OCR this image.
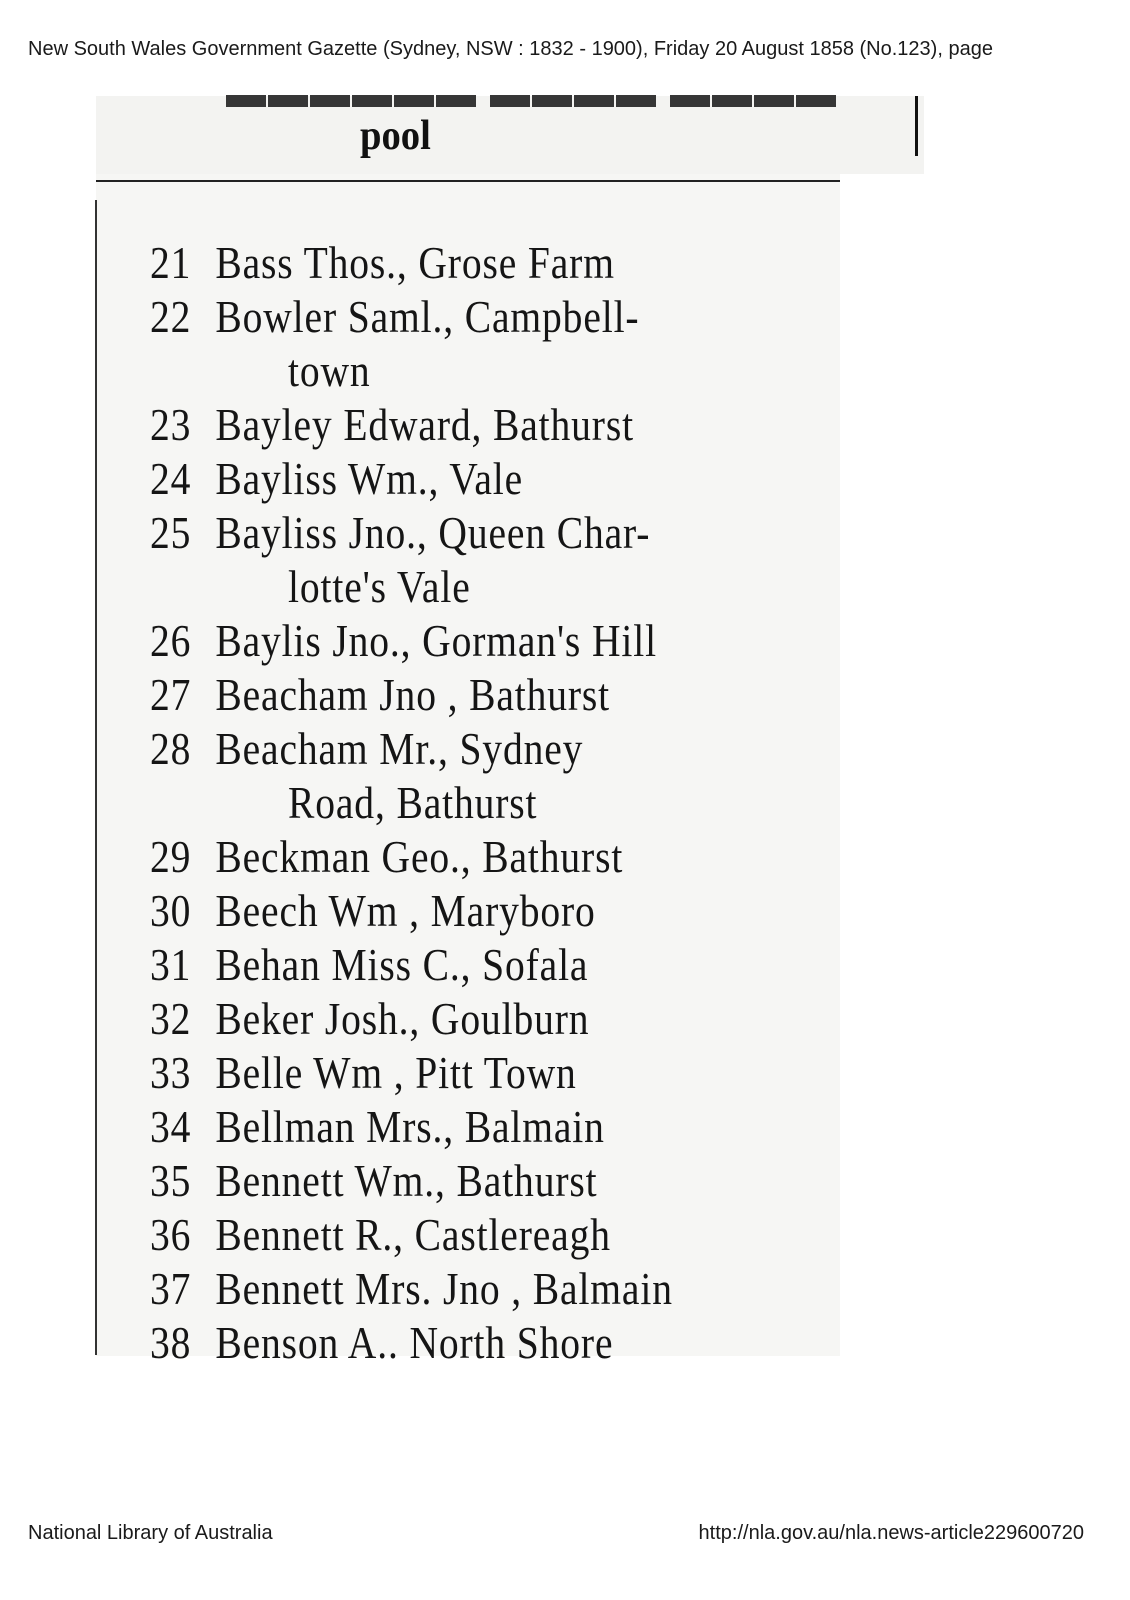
New South Wales Government Gazette (Sydney, NSW : 1832 - 1900), Friday 20 August 1858 (No.123), page
▬▬▬▬▬▬ ▬▬▬▬ ▬▬▬▬
pool
21 Bass Thos., Grose Farm
22 Bowler Saml., Campbell-
town
23 Bayley Edward, Bathurst
24 Bayliss Wm., Vale
25 Bayliss Jno., Queen Char-
lotte's Vale
26 Baylis Jno., Gorman's Hill
27 Beacham Jno , Bathurst
28 Beacham Mr., Sydney
Road, Bathurst
29 Beckman Geo., Bathurst
30 Beech Wm , Maryboro
31 Behan Miss C., Sofala
32 Beker Josh., Goulburn
33 Belle Wm , Pitt Town
34 Bellman Mrs., Balmain
35 Bennett Wm., Bathurst
36 Bennett R., Castlereagh
37 Bennett Mrs. Jno , Balmain
38 Benson A.. North Shore
National Library of Australia	http://nla.gov.au/nla.news-article229600720
